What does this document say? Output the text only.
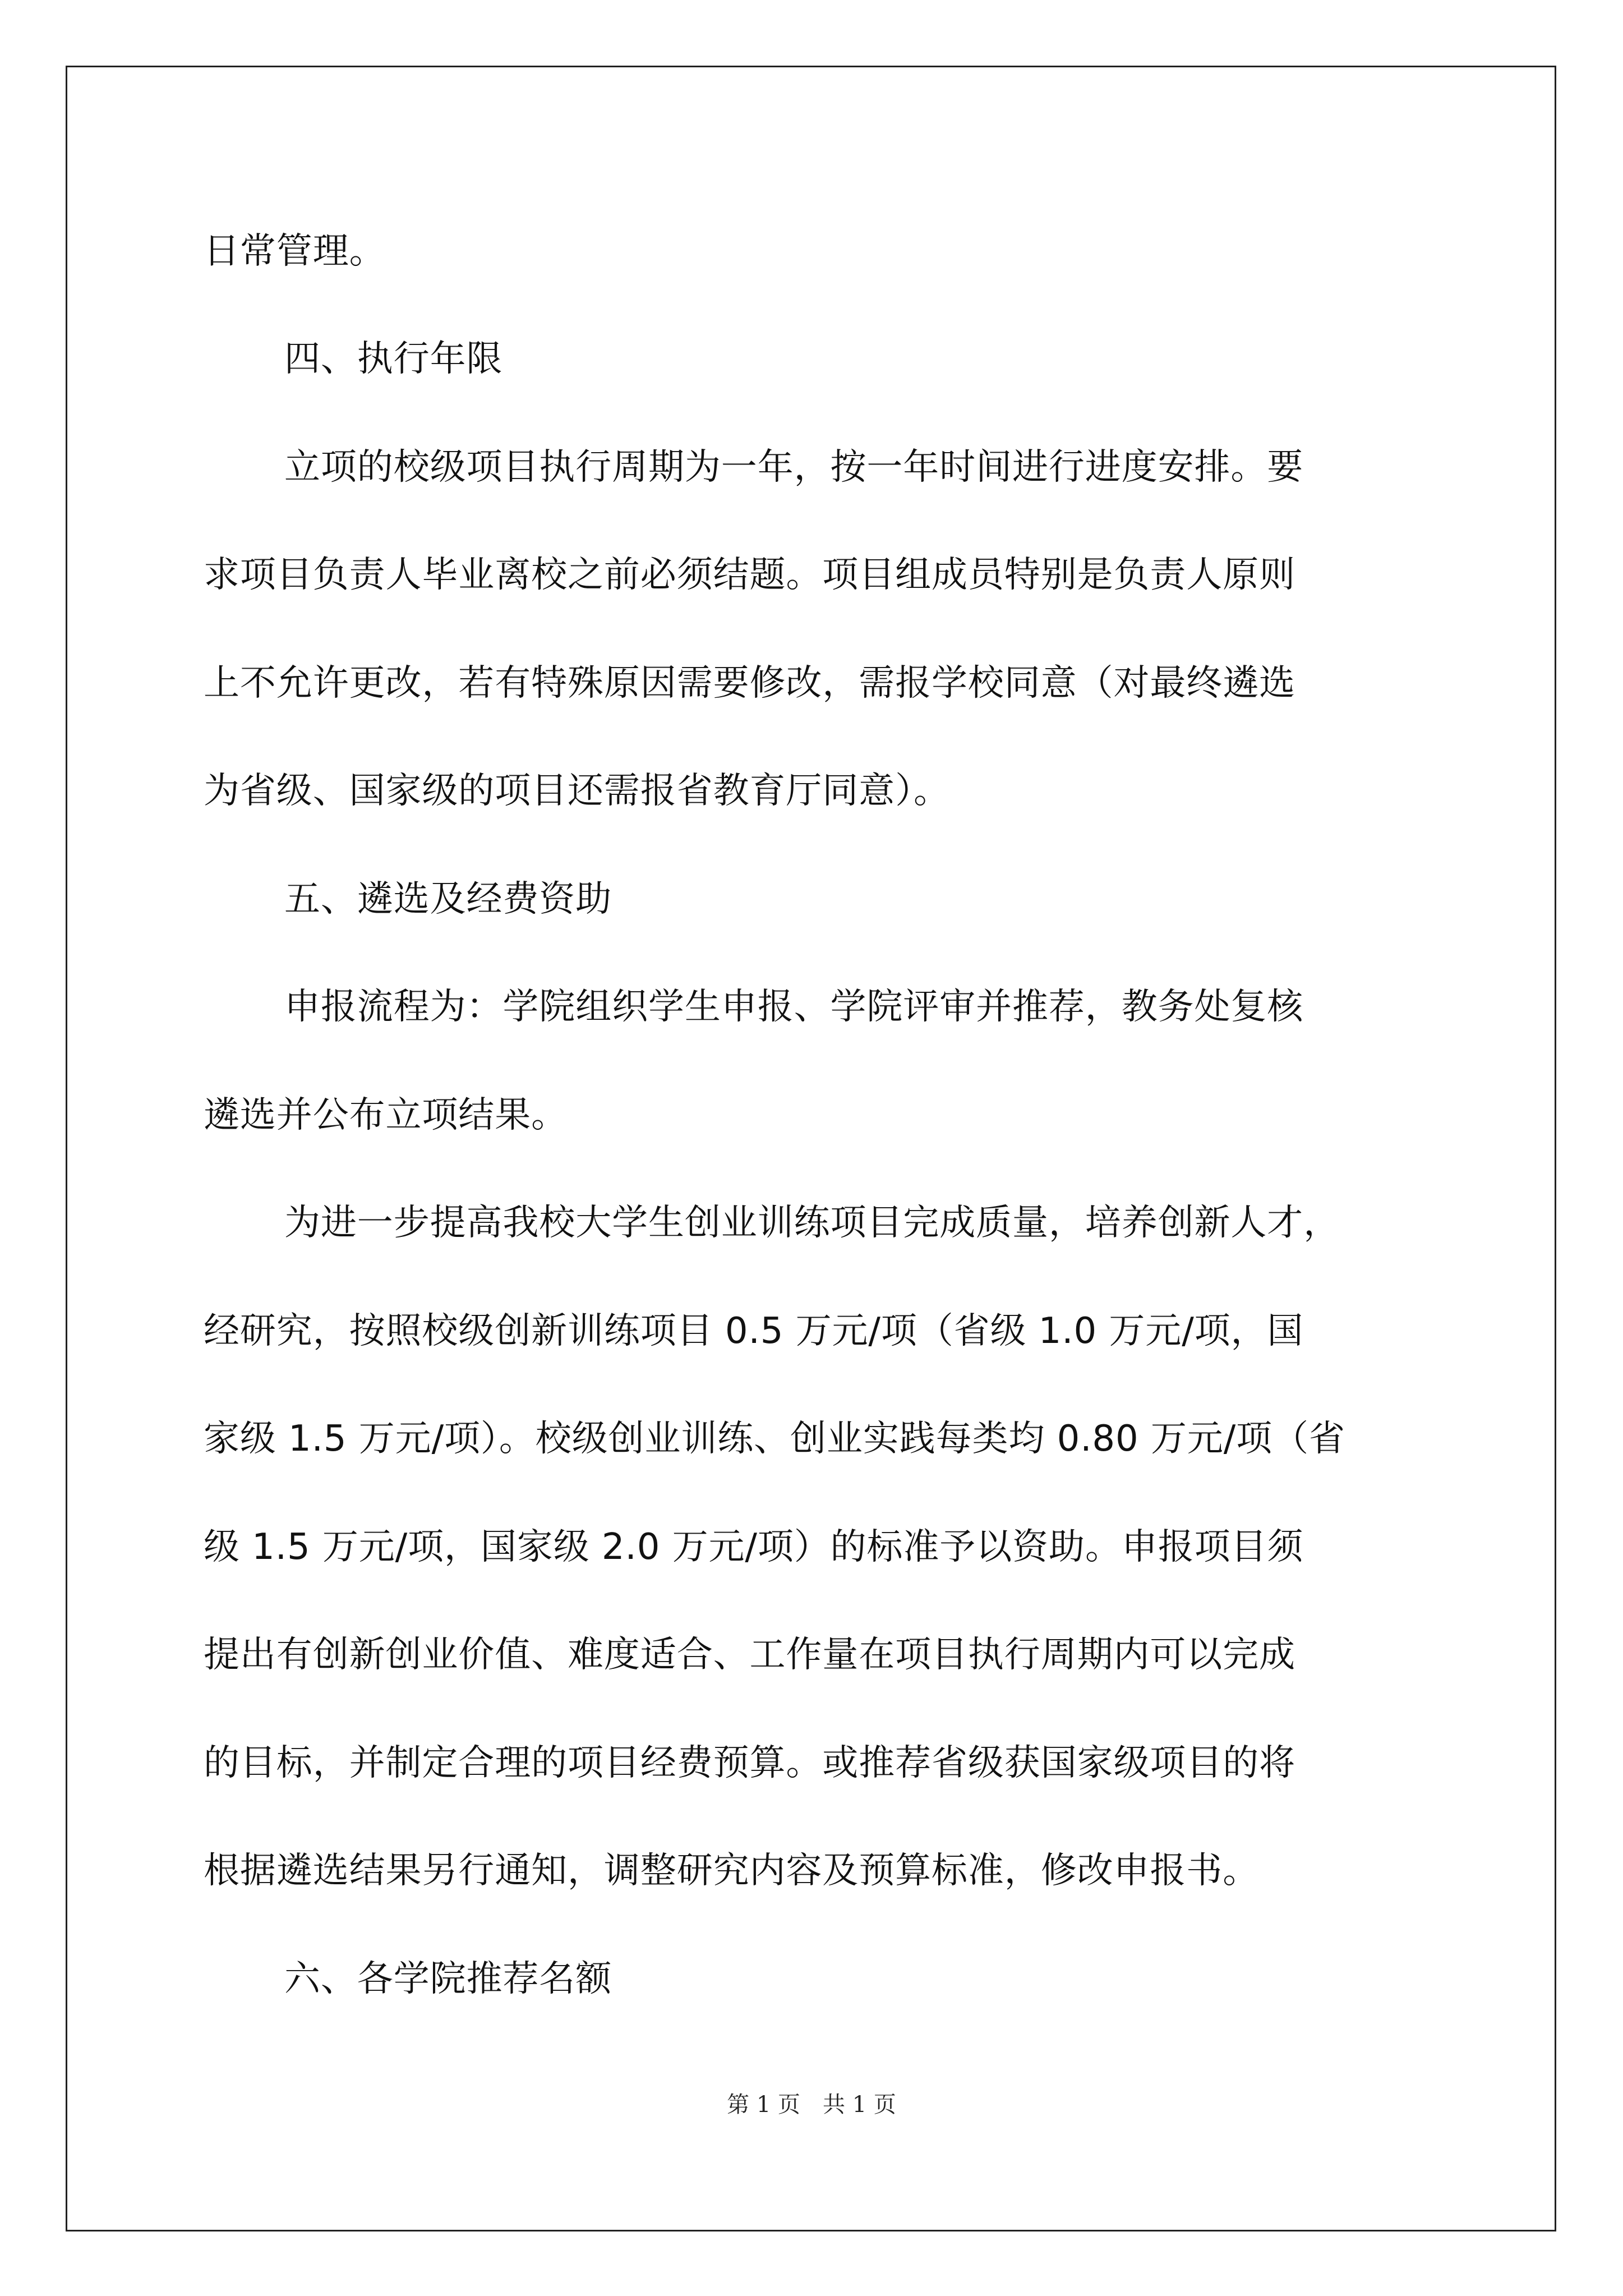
日常管理。
四、执行年限
立项的校级项目执行周期为一年，按一年时间进行进度安排。要
求项目负责人毕业离校之前必须结题。项目组成员特别是负责人原则
上不允许更改，若有特殊原因需要修改，需报学校同意（对最终遴选
为省级、国家级的项目还需报省教育厅同意）。
五、遴选及经费资助
申报流程为：学院组织学生申报、学院评审并推荐，教务处复核
遴选并公布立项结果。
为进一步提高我校大学生创业训练项目完成质量，培养创新人才，
经研究，按照校级创新训练项目 0.5 万元/项（省级 1.0 万元/项，国
家级 1.5 万元/项）。校级创业训练、创业实践每类均 0.80 万元/项（省
级 1.5 万元/项，国家级 2.0 万元/项）的标准予以资助。申报项目须
提出有创新创业价值、难度适合、工作量在项目执行周期内可以完成
的目标，并制定合理的项目经费预算。或推荐省级获国家级项目的将
根据遴选结果另行通知，调整研究内容及预算标准，修改申报书。
六、各学院推荐名额
第 1 页　共 1 页
